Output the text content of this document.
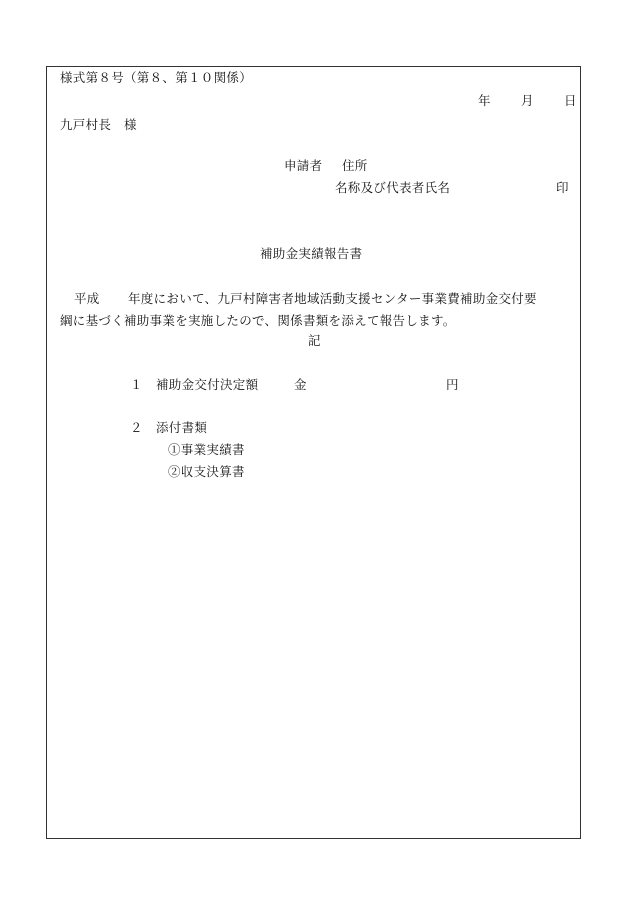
様式第８号（第８、第１０関係）
年 月 日
九戸村長　様
申請者 住所
名称及び代表者氏名	印
補助金実績報告書
平成 年度において、九戸村障害者地域活動支援センター事業費補助金交付要
綱に基づく補助事業を実施したので、関係書類を添えて報告します。
記
１ 補助金交付決定額	金	円
２ 添付書類
①事業実績書
②収支決算書
